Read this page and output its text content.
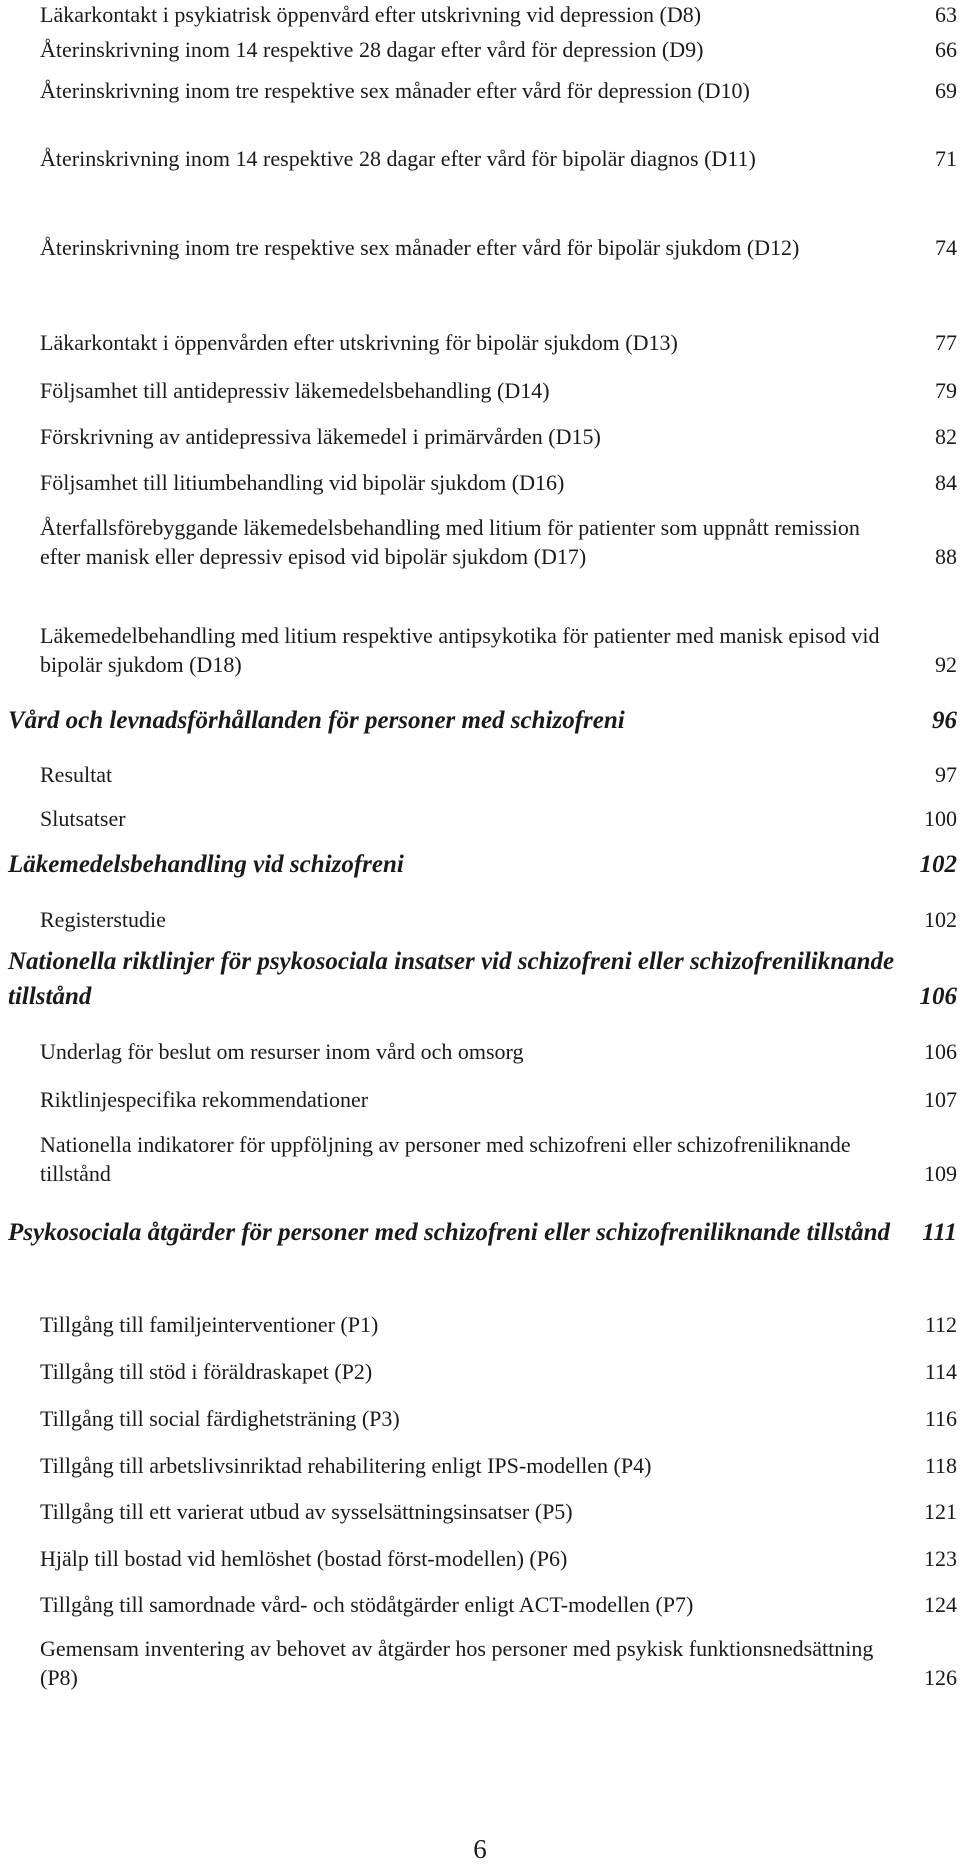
Läkarkontakt i psykiatrisk öppenvård efter utskrivning vid depression (D8)	63
Återinskrivning inom 14 respektive 28 dagar efter vård för depression (D9)	66
Återinskrivning inom tre respektive sex månader efter vård för depression (D10)	69
Återinskrivning inom 14 respektive 28 dagar efter vård för bipolär diagnos (D11)	71
Återinskrivning inom tre respektive sex månader efter vård för bipolär sjukdom (D12)	74
Läkarkontakt i öppenvården efter utskrivning för bipolär sjukdom (D13)	77
Följsamhet till antidepressiv läkemedelsbehandling (D14)	79
Förskrivning av antidepressiva läkemedel i primärvården (D15)	82
Följsamhet till litiumbehandling vid bipolär sjukdom (D16)	84
Återfallsförebyggande läkemedelsbehandling med litium för patienter som uppnått remission efter manisk eller depressiv episod vid bipolär sjukdom (D17)	88
Läkemedelbehandling med litium respektive antipsykotika för patienter med manisk episod vid bipolär sjukdom (D18)	92
Vård och levnadsförhållanden för personer med schizofreni	96
Resultat	97
Slutsatser	100
Läkemedelsbehandling vid schizofreni	102
Registerstudie	102
Nationella riktlinjer för psykosociala insatser vid schizofreni eller schizofreniliknande tillstånd	106
Underlag för beslut om resurser inom vård och omsorg	106
Riktlinjespecifika rekommendationer	107
Nationella indikatorer för uppföljning av personer med schizofreni eller schizofreniliknande tillstånd	109
Psykosociala åtgärder för personer med schizofreni eller schizofreniliknande tillstånd	111
Tillgång till familjeinterventioner (P1)	112
Tillgång till stöd i föräldraskapet (P2)	114
Tillgång till social färdighetsträning (P3)	116
Tillgång till arbetslivsinriktad rehabilitering enligt IPS-modellen (P4)	118
Tillgång till ett varierat utbud av sysselsättningsinsatser (P5)	121
Hjälp till bostad vid hemlöshet (bostad först-modellen) (P6)	123
Tillgång till samordnade vård- och stödåtgärder enligt ACT-modellen (P7)	124
Gemensam inventering av behovet av åtgärder hos personer med psykisk funktionsnedsättning (P8)	126
6
